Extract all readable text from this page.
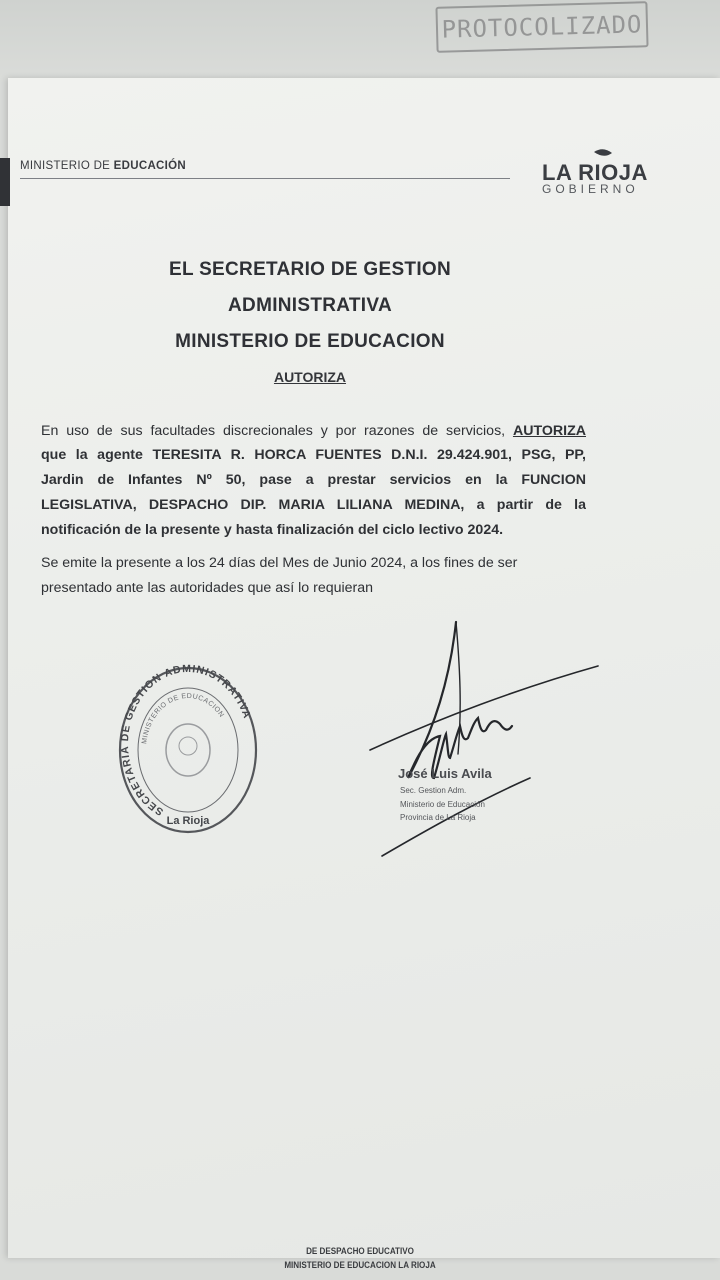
PROTOCOLIZADO
MINISTERIO DE EDUCACIÓN	LA RIOJA
GOBIERNO
EL SECRETARIO DE GESTION
ADMINISTRATIVA
MINISTERIO DE EDUCACION
AUTORIZA
En uso de sus facultades discrecionales y por razones de servicios, AUTORIZA
que la agente TERESITA R. HORCA FUENTES D.N.I. 29.424.901, PSG, PP,
Jardin de Infantes Nº 50, pase a prestar servicios en la FUNCION
LEGISLATIVA, DESPACHO DIP. MARIA LILIANA MEDINA, a partir de la
notificación de la presente y hasta finalización del ciclo lectivo 2024.
Se emite la presente a los 24 días del Mes de Junio 2024, a los fines de ser
presentado ante las autoridades que así lo requieran
SECRETARIA DE GESTION ADMINISTRATIVA
MINISTERIO DE EDUCACION
La Rioja
José Luis Avila
Sec. Gestion Adm.
Ministerio de Educación
Provincia de La Rioja
DE DESPACHO EDUCATIVO
MINISTERIO DE EDUCACION LA RIOJA
